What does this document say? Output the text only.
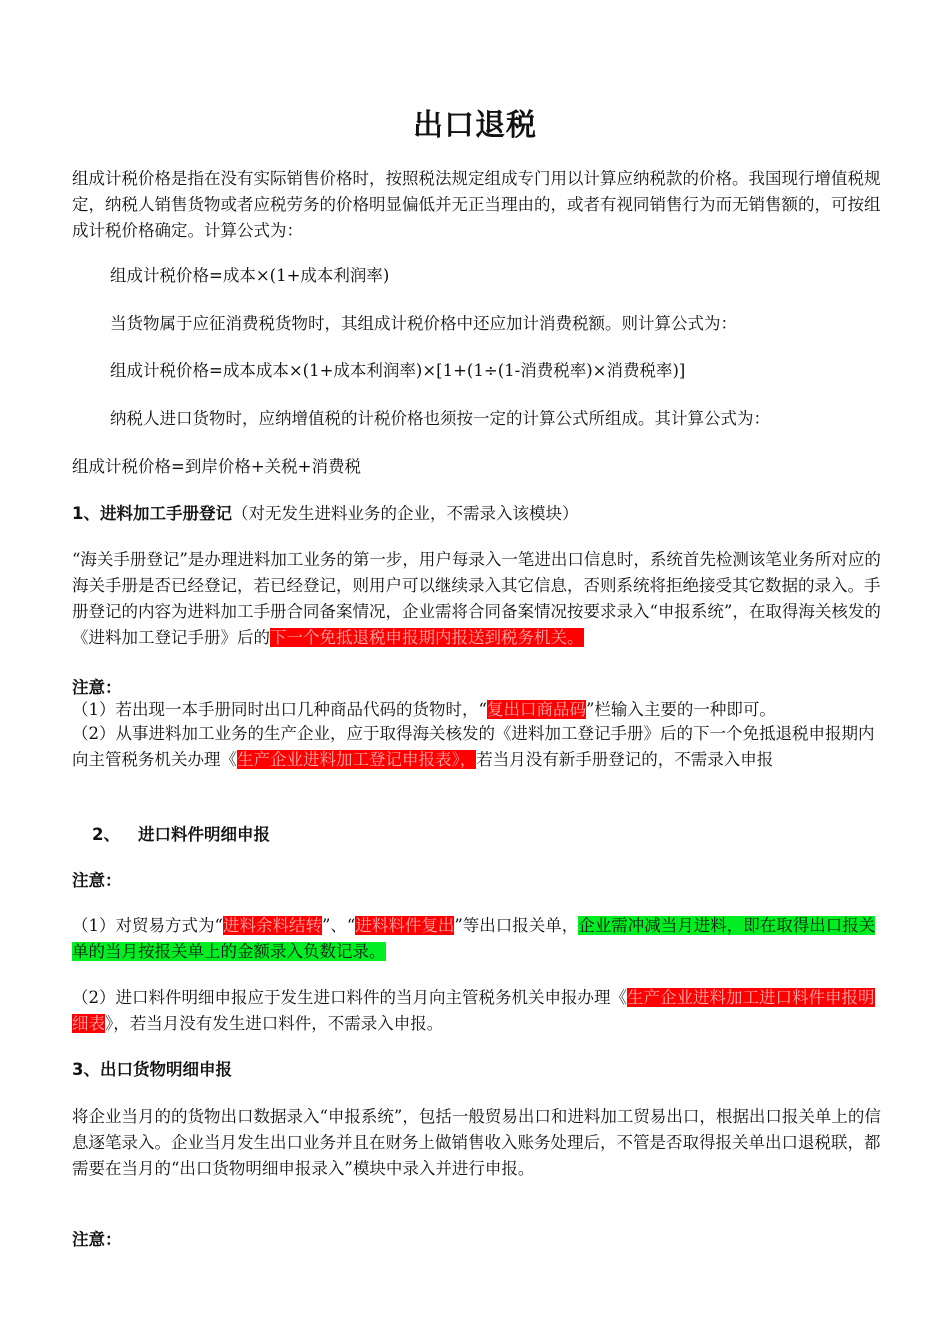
出口退税
组成计税价格是指在没有实际销售价格时，按照税法规定组成专门用以计算应纳税款的价格。我国现行增值税规定，纳税人销售货物或者应税劳务的价格明显偏低并无正当理由的，或者有视同销售行为而无销售额的，可按组成计税价格确定。计算公式为：
组成计税价格=成本×(1+成本利润率)
当货物属于应征消费税货物时，其组成计税价格中还应加计消费税额。则计算公式为：
组成计税价格=成本成本×(1+成本利润率)×[1+(1÷(1-消费税率)×消费税率)]
纳税人进口货物时，应纳增值税的计税价格也须按一定的计算公式所组成。其计算公式为：
组成计税价格=到岸价格+关税+消费税
1、进料加工手册登记（对无发生进料业务的企业，不需录入该模块）
“海关手册登记”是办理进料加工业务的第一步，用户每录入一笔进出口信息时，系统首先检测该笔业务所对应的海关手册是否已经登记，若已经登记，则用户可以继续录入其它信息，否则系统将拒绝接受其它数据的录入。手册登记的内容为进料加工手册合同备案情况，企业需将合同备案情况按要求录入“申报系统”，在取得海关核发的《进料加工登记手册》后的下一个免抵退税申报期内报送到税务机关。
注意：
（1）若出现一本手册同时出口几种商品代码的货物时，“复出口商品码”栏输入主要的一种即可。
（2）从事进料加工业务的生产企业，应于取得海关核发的《进料加工登记手册》后的下一个免抵退税申报期内向主管税务机关办理《生产企业进料加工登记申报表》，若当月没有新手册登记的，不需录入申报
2、 进口料件明细申报
注意：
（1）对贸易方式为“进料余料结转”、“进料料件复出”等出口报关单，企业需冲减当月进料，即在取得出口报关单的当月按报关单上的金额录入负数记录。
（2）进口料件明细申报应于发生进口料件的当月向主管税务机关申报办理《生产企业进料加工进口料件申报明细表》，若当月没有发生进口料件，不需录入申报。
3、出口货物明细申报
将企业当月的的货物出口数据录入“申报系统”，包括一般贸易出口和进料加工贸易出口，根据出口报关单上的信息逐笔录入。企业当月发生出口业务并且在财务上做销售收入账务处理后，不管是否取得报关单出口退税联，都需要在当月的“出口货物明细申报录入”模块中录入并进行申报。
注意：
